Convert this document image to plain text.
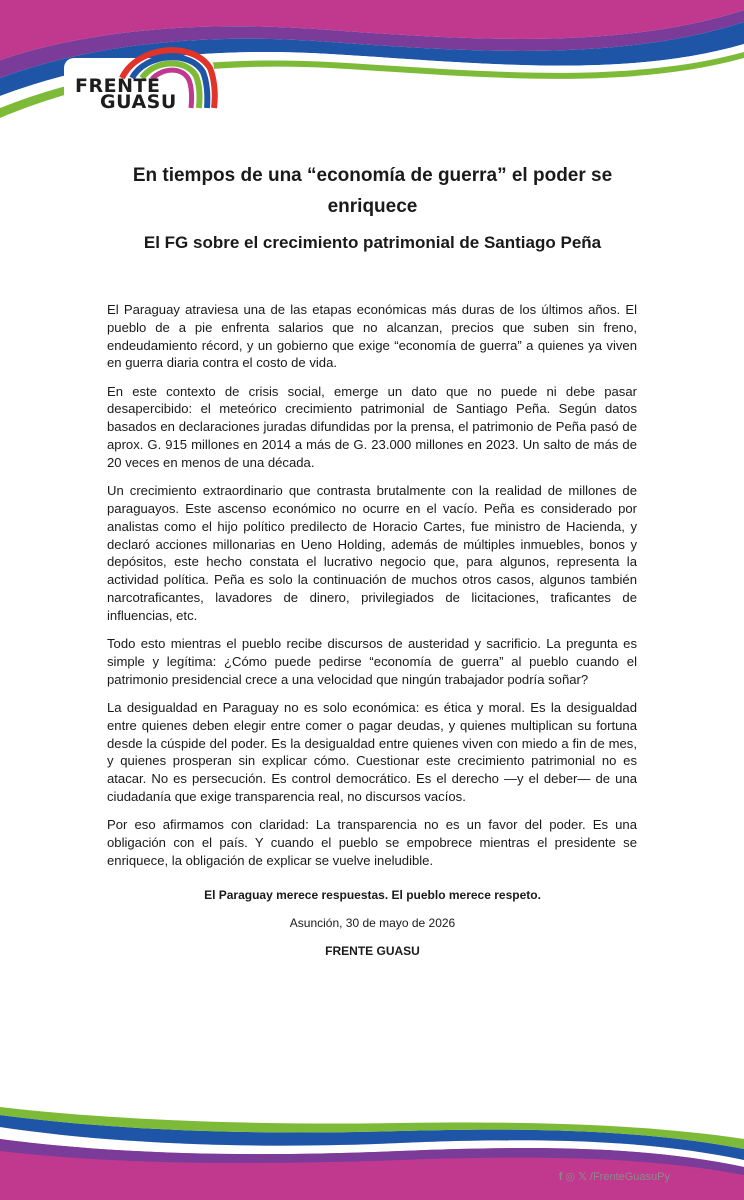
FRENTE
GUASU
En tiempos de una “economía de guerra” el poder se enriquece
El FG sobre el crecimiento patrimonial de Santiago Peña

El Paraguay atraviesa una de las etapas económicas más duras de los últimos años. El pueblo de a pie enfrenta salarios que no alcanzan, precios que suben sin freno, endeudamiento récord, y un gobierno que exige “economía de guerra” a quienes ya viven en guerra diaria contra el costo de vida.

En este contexto de crisis social, emerge un dato que no puede ni debe pasar desapercibido: el meteórico crecimiento patrimonial de Santiago Peña. Según datos basados en declaraciones juradas difundidas por la prensa, el patrimonio de Peña pasó de aprox. G. 915 millones en 2014 a más de G. 23.000 millones en 2023. Un salto de más de 20 veces en menos de una década.

Un crecimiento extraordinario que contrasta brutalmente con la realidad de millones de paraguayos. Este ascenso económico no ocurre en el vacío. Peña es considerado por analistas como el hijo político predilecto de Horacio Cartes, fue ministro de Hacienda, y declaró acciones millonarias en Ueno Holding, además de múltiples inmuebles, bonos y depósitos, este hecho constata el lucrativo negocio que, para algunos, representa la actividad política. Peña es solo la continuación de muchos otros casos, algunos también narcotraficantes, lavadores de dinero, privilegiados de licitaciones, traficantes de influencias, etc.

Todo esto mientras el pueblo recibe discursos de austeridad y sacrificio. La pregunta es simple y legítima: ¿Cómo puede pedirse “economía de guerra” al pueblo cuando el patrimonio presidencial crece a una velocidad que ningún trabajador podría soñar?

La desigualdad en Paraguay no es solo económica: es ética y moral. Es la desigualdad entre quienes deben elegir entre comer o pagar deudas, y quienes multiplican su fortuna desde la cúspide del poder. Es la desigualdad entre quienes viven con miedo a fin de mes, y quienes prosperan sin explicar cómo. Cuestionar este crecimiento patrimonial no es atacar. No es persecución. Es control democrático. Es el derecho —y el deber— de una ciudadanía que exige transparencia real, no discursos vacíos.

Por eso afirmamos con claridad: La transparencia no es un favor del poder. Es una obligación con el país. Y cuando el pueblo se empobrece mientras el presidente se enriquece, la obligación de explicar se vuelve ineludible.

El Paraguay merece respuestas. El pueblo merece respeto.

Asunción, 30 de mayo de 2026

FRENTE GUASU

f ◎ 𝕏 /FrenteGuasuPy
